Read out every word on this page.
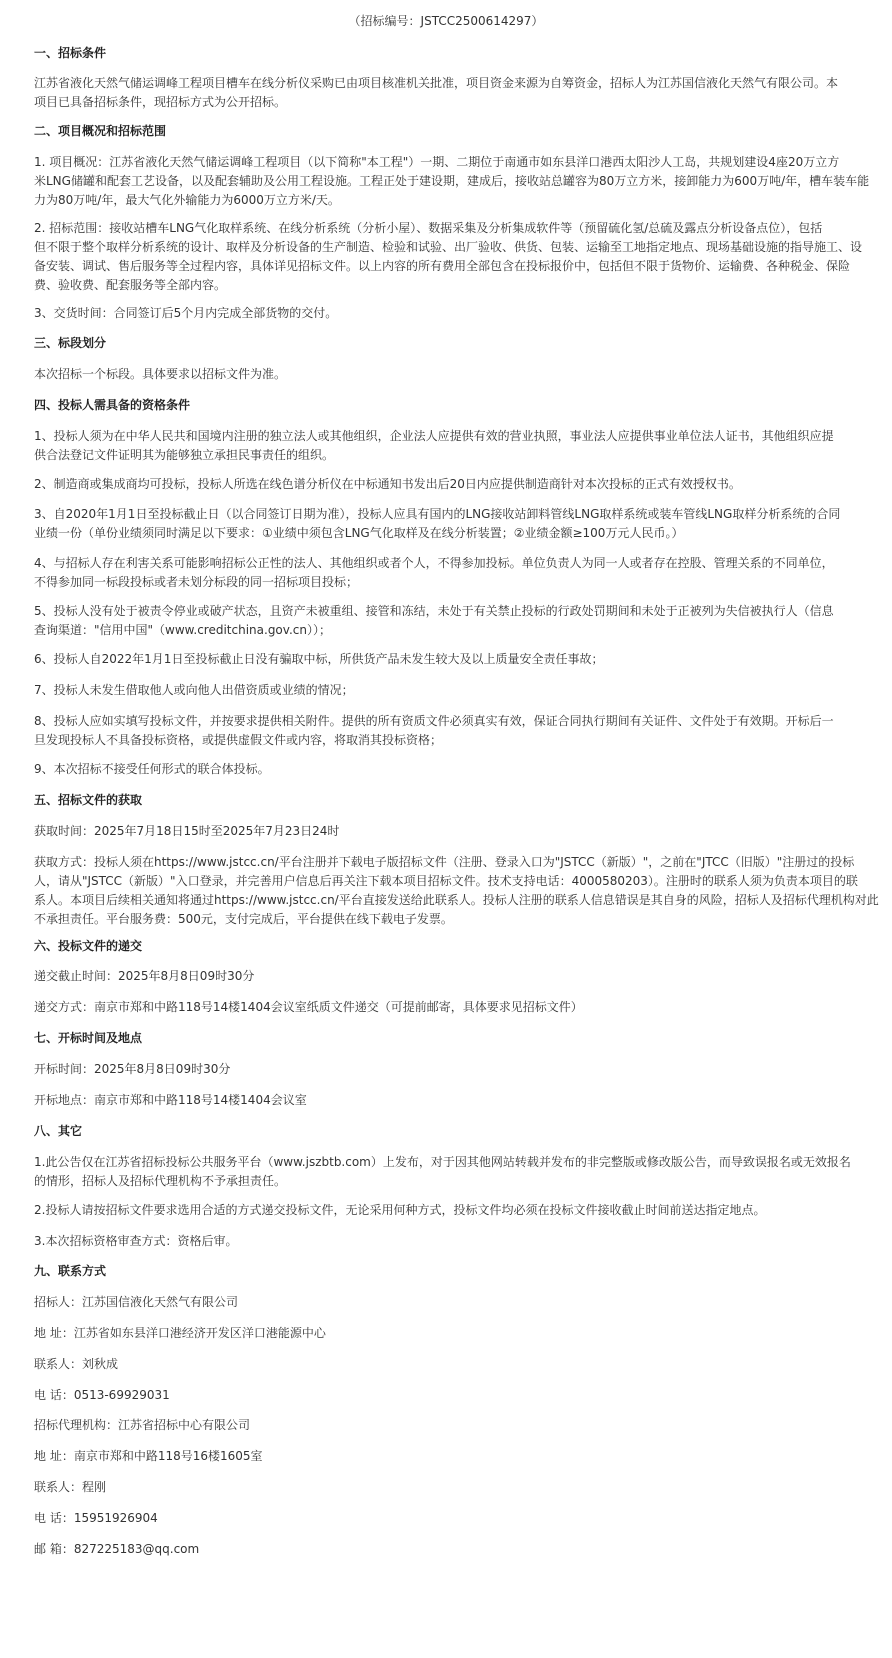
（招标编号：JSTCC2500614297）
一、招标条件
江苏省液化天然气储运调峰工程项目槽车在线分析仪采购已由项目核准机关批准，项目资金来源为自筹资金，招标人为江苏国信液化天然气有限公司。本
项目已具备招标条件，现招标方式为公开招标。
二、项目概况和招标范围
1. 项目概况：江苏省液化天然气储运调峰工程项目（以下简称"本工程"）一期、二期位于南通市如东县洋口港西太阳沙人工岛，共规划建设4座20万立方
米LNG储罐和配套工艺设备，以及配套辅助及公用工程设施。工程正处于建设期，建成后，接收站总罐容为80万立方米，接卸能力为600万吨/年，槽车装车能
力为80万吨/年，最大气化外输能力为6000万立方米/天。
2. 招标范围：接收站槽车LNG气化取样系统、在线分析系统（分析小屋）、数据采集及分析集成软件等（预留硫化氢/总硫及露点分析设备点位），包括
但不限于整个取样分析系统的设计、取样及分析设备的生产制造、检验和试验、出厂验收、供货、包装、运输至工地指定地点、现场基础设施的指导施工、设
备安装、调试、售后服务等全过程内容，具体详见招标文件。以上内容的所有费用全部包含在投标报价中，包括但不限于货物价、运输费、各种税金、保险
费、验收费、配套服务等全部内容。
3、交货时间：合同签订后5个月内完成全部货物的交付。
三、标段划分
本次招标一个标段。具体要求以招标文件为准。
四、投标人需具备的资格条件
1、投标人须为在中华人民共和国境内注册的独立法人或其他组织，企业法人应提供有效的营业执照，事业法人应提供事业单位法人证书，其他组织应提
供合法登记文件证明其为能够独立承担民事责任的组织。
2、制造商或集成商均可投标，投标人所选在线色谱分析仪在中标通知书发出后20日内应提供制造商针对本次投标的正式有效授权书。
3、自2020年1月1日至投标截止日（以合同签订日期为准），投标人应具有国内的LNG接收站卸料管线LNG取样系统或装车管线LNG取样分析系统的合同
业绩一份（单份业绩须同时满足以下要求：①业绩中须包含LNG气化取样及在线分析装置；②业绩金额≥100万元人民币。）
4、与招标人存在利害关系可能影响招标公正性的法人、其他组织或者个人，不得参加投标。单位负责人为同一人或者存在控股、管理关系的不同单位，
不得参加同一标段投标或者未划分标段的同一招标项目投标；
5、投标人没有处于被责令停业或破产状态，且资产未被重组、接管和冻结，未处于有关禁止投标的行政处罚期间和未处于正被列为失信被执行人（信息
查询渠道："信用中国"（www.creditchina.gov.cn））；
6、投标人自2022年1月1日至投标截止日没有骗取中标，所供货产品未发生较大及以上质量安全责任事故；
7、投标人未发生借取他人或向他人出借资质或业绩的情况；
8、投标人应如实填写投标文件，并按要求提供相关附件。提供的所有资质文件必须真实有效，保证合同执行期间有关证件、文件处于有效期。开标后一
旦发现投标人不具备投标资格，或提供虚假文件或内容，将取消其投标资格；
9、本次招标不接受任何形式的联合体投标。
五、招标文件的获取
获取时间：2025年7月18日15时至2025年7月23日24时
获取方式：投标人须在https://www.jstcc.cn/平台注册并下载电子版招标文件（注册、登录入口为"JSTCC（新版）"，之前在"JTCC（旧版）"注册过的投标
人，请从"JSTCC（新版）"入口登录，并完善用户信息后再关注下载本项目招标文件。技术支持电话：4000580203）。注册时的联系人须为负责本项目的联
系人。本项目后续相关通知将通过https://www.jstcc.cn/平台直接发送给此联系人。投标人注册的联系人信息错误是其自身的风险，招标人及招标代理机构对此
不承担责任。平台服务费：500元，支付完成后，平台提供在线下载电子发票。
六、投标文件的递交
递交截止时间：2025年8月8日09时30分
递交方式：南京市郑和中路118号14楼1404会议室纸质文件递交（可提前邮寄，具体要求见招标文件）
七、开标时间及地点
开标时间：2025年8月8日09时30分
开标地点：南京市郑和中路118号14楼1404会议室
八、其它
1.此公告仅在江苏省招标投标公共服务平台（www.jszbtb.com）上发布，对于因其他网站转载并发布的非完整版或修改版公告，而导致误报名或无效报名
的情形，招标人及招标代理机构不予承担责任。
2.投标人请按招标文件要求选用合适的方式递交投标文件，无论采用何种方式，投标文件均必须在投标文件接收截止时间前送达指定地点。
3.本次招标资格审查方式：资格后审。
九、联系方式
招标人：江苏国信液化天然气有限公司
地 址：江苏省如东县洋口港经济开发区洋口港能源中心
联系人：刘秋成
电 话：0513-69929031
招标代理机构：江苏省招标中心有限公司
地 址：南京市郑和中路118号16楼1605室
联系人：程刚
电 话：15951926904
邮 箱：827225183@qq.com
